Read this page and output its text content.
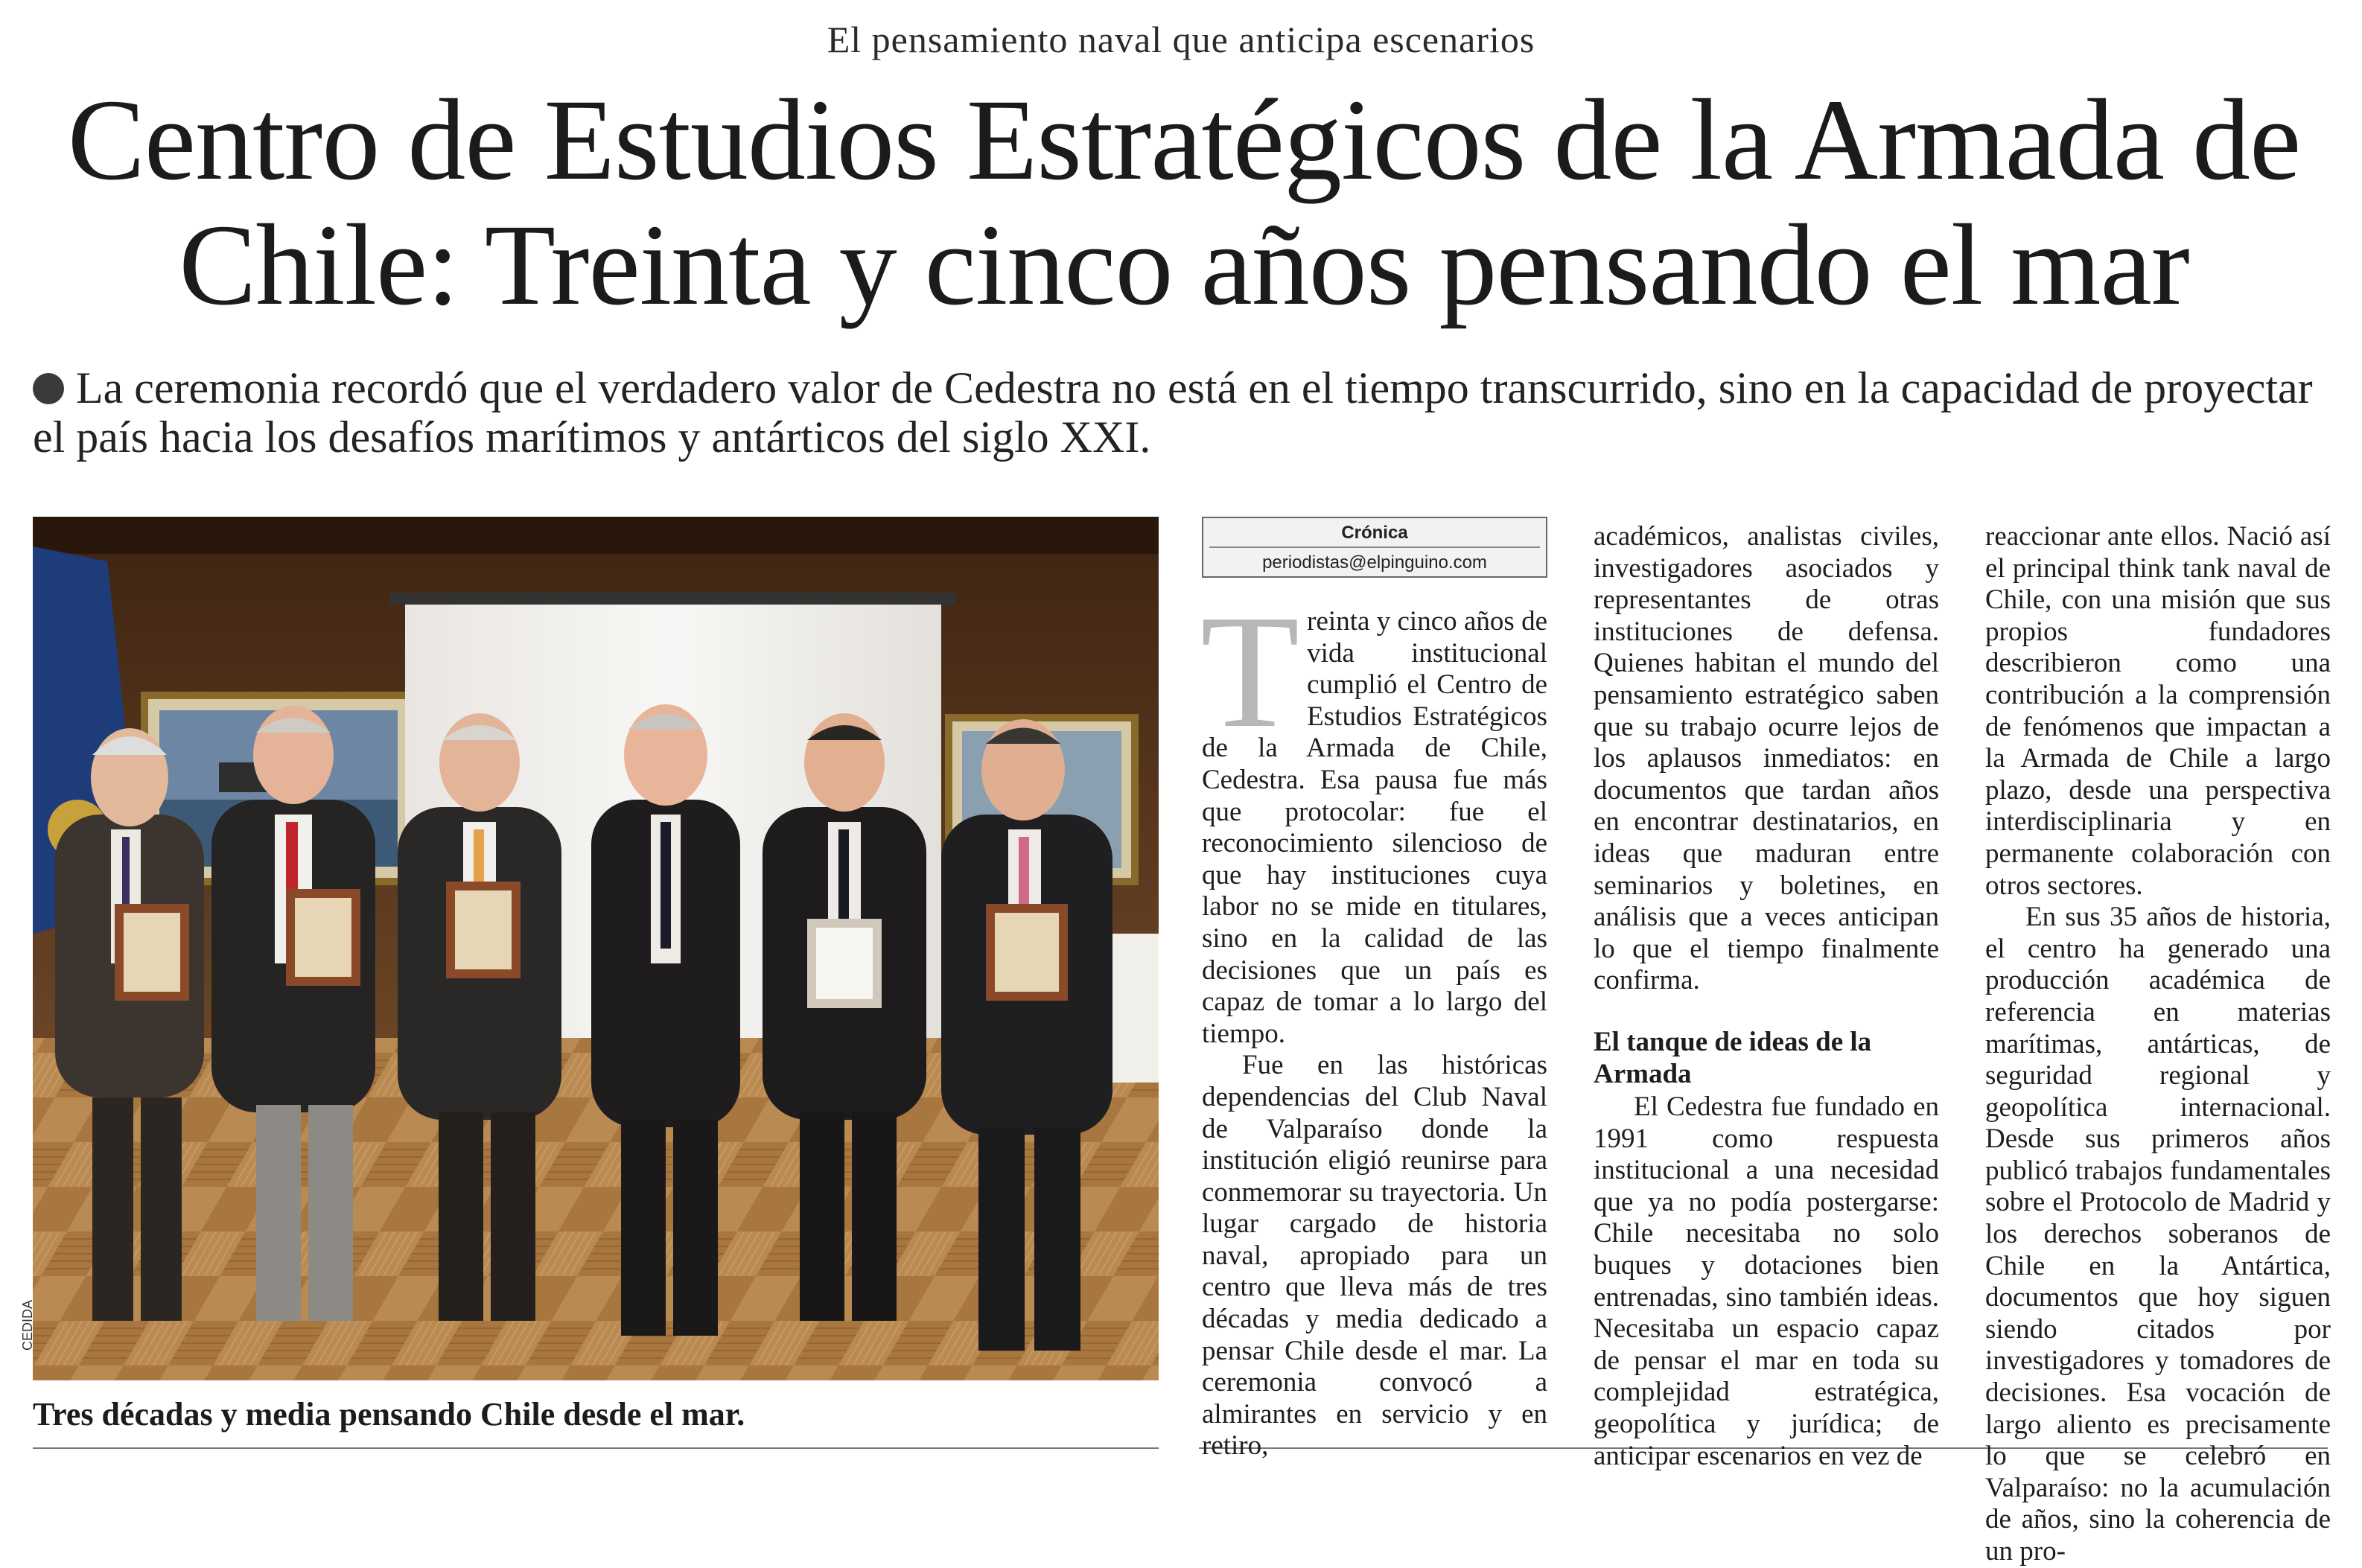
El pensamiento naval que anticipa escenarios
Centro de Estudios Estratégicos de la Armada de Chile: Treinta y cinco años pensando el mar

La ceremonia recordó que el verdadero valor de Cedestra no está en el tiempo transcurrido, sino en la capacidad de proyectar el país hacia los desafíos marítimos y antárticos del siglo XXI.

CEDIDA
Tres décadas y media pensando Chile desde el mar.
Crónica
periodistas@elpinguino.com

Treinta y cinco años de vida institucional cumplió el Centro de Estudios Estratégicos de la Armada de Chile, Cedestra. Esa pausa fue más que protocolar: fue el reconocimiento silencioso de que hay instituciones cuya labor no se mide en titulares, sino en la calidad de las decisiones que un país es capaz de tomar a lo largo del tiempo.

Fue en las históricas dependencias del Club Naval de Valparaíso donde la institución eligió reunirse para conmemorar su trayectoria. Un lugar cargado de historia naval, apropiado para un centro que lleva más de tres décadas y media dedicado a pensar Chile desde el mar. La ceremonia convocó a almirantes en servicio y en retiro,

académicos, analistas civiles, investigadores asociados y representantes de otras instituciones de defensa. Quienes habitan el mundo del pensamiento estratégico saben que su trabajo ocurre lejos de los aplausos inmediatos: en documentos que tardan años en encontrar destinatarios, en ideas que maduran entre seminarios y boletines, en análisis que a veces anticipan lo que el tiempo finalmente confirma.

El tanque de ideas de la Armada

El Cedestra fue fundado en 1991 como respuesta institucional a una necesidad que ya no podía postergarse: Chile necesitaba no solo buques y dotaciones bien entrenadas, sino también ideas. Necesitaba un espacio capaz de pensar el mar en toda su complejidad estratégica, geopolítica y jurídica; de anticipar escenarios en vez de

reaccionar ante ellos. Nació así el principal think tank naval de Chile, con una misión que sus propios fundadores describieron como una contribución a la comprensión de fenómenos que impactan a la Armada de Chile a largo plazo, desde una perspectiva interdisciplinaria y en permanente colaboración con otros sectores.

En sus 35 años de historia, el centro ha generado una producción académica de referencia en materias marítimas, antárticas, de seguridad regional y geopolítica internacional. Desde sus primeros años publicó trabajos fundamentales sobre el Protocolo de Madrid y los derechos soberanos de Chile en la Antártica, documentos que hoy siguen siendo citados por investigadores y tomadores de decisiones. Esa vocación de largo aliento es precisamente lo que se celebró en Valparaíso: no la acumulación de años, sino la coherencia de un pro-
